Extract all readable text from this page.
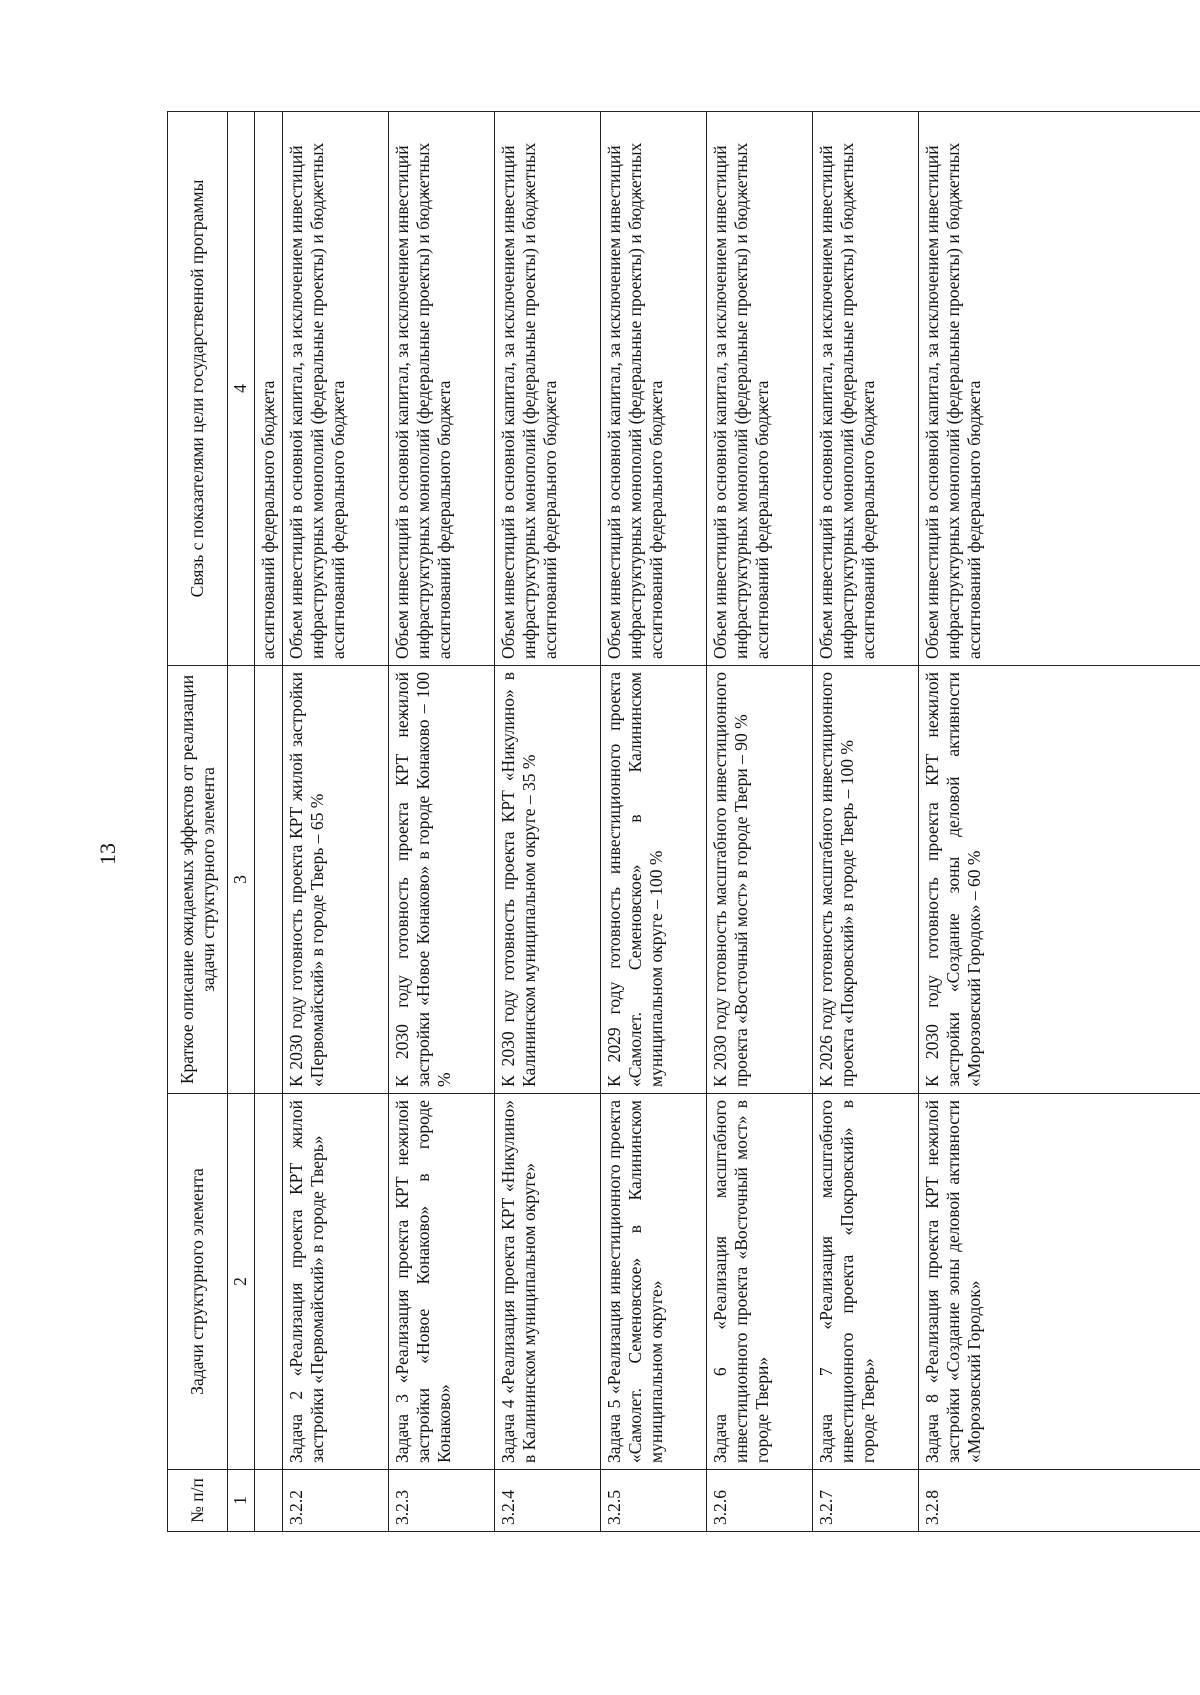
13
№ п/п	Задачи структурного элемента	Краткое описание ожидаемых эффектов от реализации задачи структурного элемента	Связь с показателями цели государственной программы
1	2	3	4
			ассигнований федерального бюджета
3.2.2	Задача 2 «Реализация проекта КРТ жилой застройки «Первомайский» в городе Тверь»	К 2030 году готовность проекта КРТ жилой застройки «Первомайский» в городе Тверь – 65 %	Объем инвестиций в основной капитал, за исключением инвестиций инфраструктурных монополий (федеральные проекты) и бюджетных ассигнований федерального бюджета
3.2.3	Задача 3 «Реализация проекта КРТ нежилой застройки «Новое Конаково» в городе Конаково»	К 2030 году готовность проекта КРТ нежилой застройки «Новое Конаково» в городе Конаково – 100 %	Объем инвестиций в основной капитал, за исключением инвестиций инфраструктурных монополий (федеральные проекты) и бюджетных ассигнований федерального бюджета
3.2.4	Задача 4 «Реализация проекта КРТ «Никулино» в Калининском муниципальном округе»	К 2030 году готовность проекта КРТ «Никулино» в Калининском муниципальном округе – 35 %	Объем инвестиций в основной капитал, за исключением инвестиций инфраструктурных монополий (федеральные проекты) и бюджетных ассигнований федерального бюджета
3.2.5	Задача 5 «Реализация инвестиционного проекта «Самолет. Семеновское» в Калининском муниципальном округе»	К 2029 году готовность инвестиционного проекта «Самолет. Семеновское» в Калининском муниципальном округе – 100 %	Объем инвестиций в основной капитал, за исключением инвестиций инфраструктурных монополий (федеральные проекты) и бюджетных ассигнований федерального бюджета
3.2.6	Задача 6 «Реализация масштабного инвестиционного проекта «Восточный мост» в городе Твери»	К 2030 году готовность масштабного инвестиционного проекта «Восточный мост» в городе Твери – 90 %	Объем инвестиций в основной капитал, за исключением инвестиций инфраструктурных монополий (федеральные проекты) и бюджетных ассигнований федерального бюджета
3.2.7	Задача 7 «Реализация масштабного инвестиционного проекта «Покровский» в городе Тверь»	К 2026 году готовность масштабного инвестиционного проекта «Покровский» в городе Тверь – 100 %	Объем инвестиций в основной капитал, за исключением инвестиций инфраструктурных монополий (федеральные проекты) и бюджетных ассигнований федерального бюджета
3.2.8	Задача 8 «Реализация проекта КРТ нежилой застройки «Создание зоны деловой активности «Морозовский Городок»	К 2030 году готовность проекта КРТ нежилой застройки «Создание зоны деловой активности «Морозовский Городок» – 60 %	Объем инвестиций в основной капитал, за исключением инвестиций инфраструктурных монополий (федеральные проекты) и бюджетных ассигнований федерального бюджета
